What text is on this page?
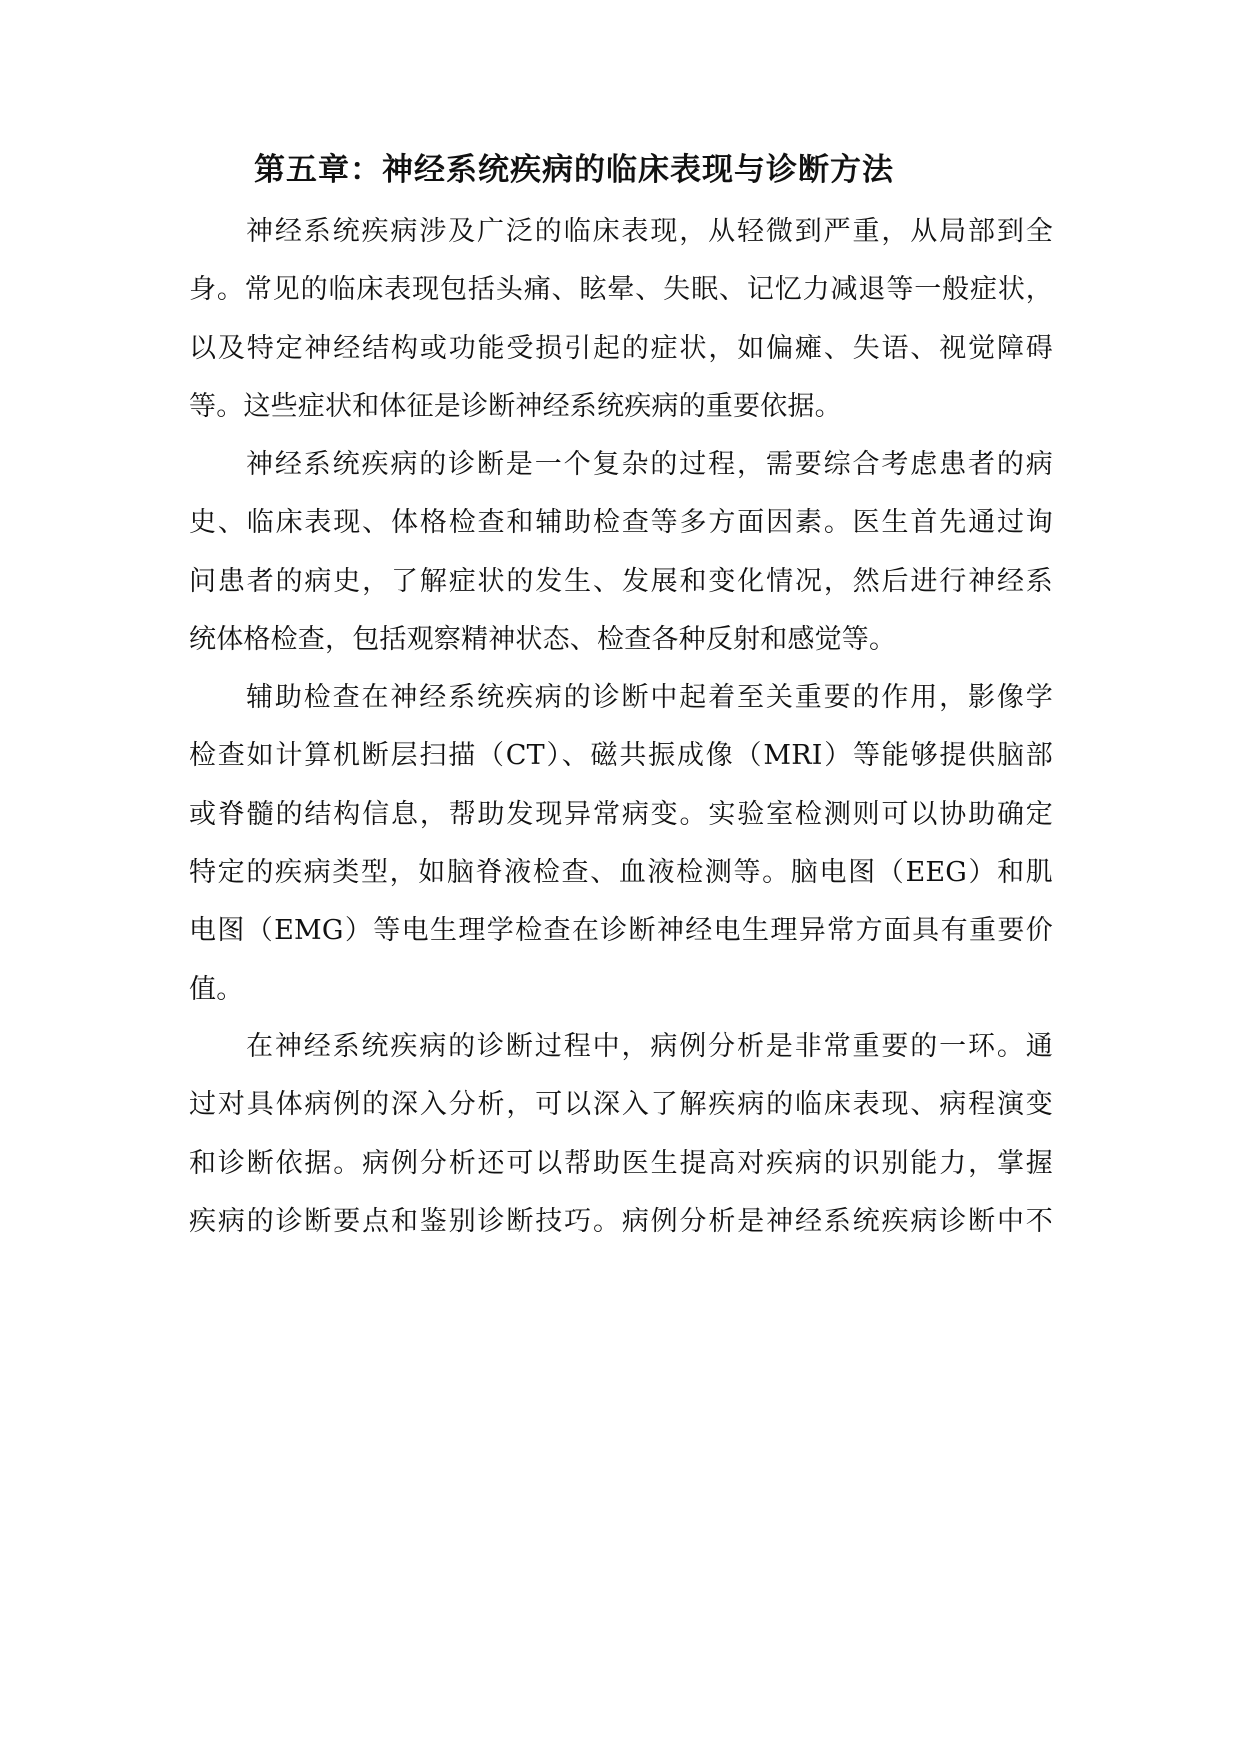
第五章：神经系统疾病的临床表现与诊断方法
神经系统疾病涉及广泛的临床表现，从轻微到严重，从局部到全
身。常见的临床表现包括头痛、眩晕、失眠、记忆力减退等一般症状，
以及特定神经结构或功能受损引起的症状，如偏瘫、失语、视觉障碍
等。这些症状和体征是诊断神经系统疾病的重要依据。
神经系统疾病的诊断是一个复杂的过程，需要综合考虑患者的病
史、临床表现、体格检查和辅助检查等多方面因素。医生首先通过询
问患者的病史，了解症状的发生、发展和变化情况，然后进行神经系
统体格检查，包括观察精神状态、检查各种反射和感觉等。
辅助检查在神经系统疾病的诊断中起着至关重要的作用，影像学
检查如计算机断层扫描（CT）、磁共振成像（MRI）等能够提供脑部
或脊髓的结构信息，帮助发现异常病变。实验室检测则可以协助确定
特定的疾病类型，如脑脊液检查、血液检测等。脑电图（EEG）和肌
电图（EMG）等电生理学检查在诊断神经电生理异常方面具有重要价
值。
在神经系统疾病的诊断过程中，病例分析是非常重要的一环。通
过对具体病例的深入分析，可以深入了解疾病的临床表现、病程演变
和诊断依据。病例分析还可以帮助医生提高对疾病的识别能力，掌握
疾病的诊断要点和鉴别诊断技巧。病例分析是神经系统疾病诊断中不
